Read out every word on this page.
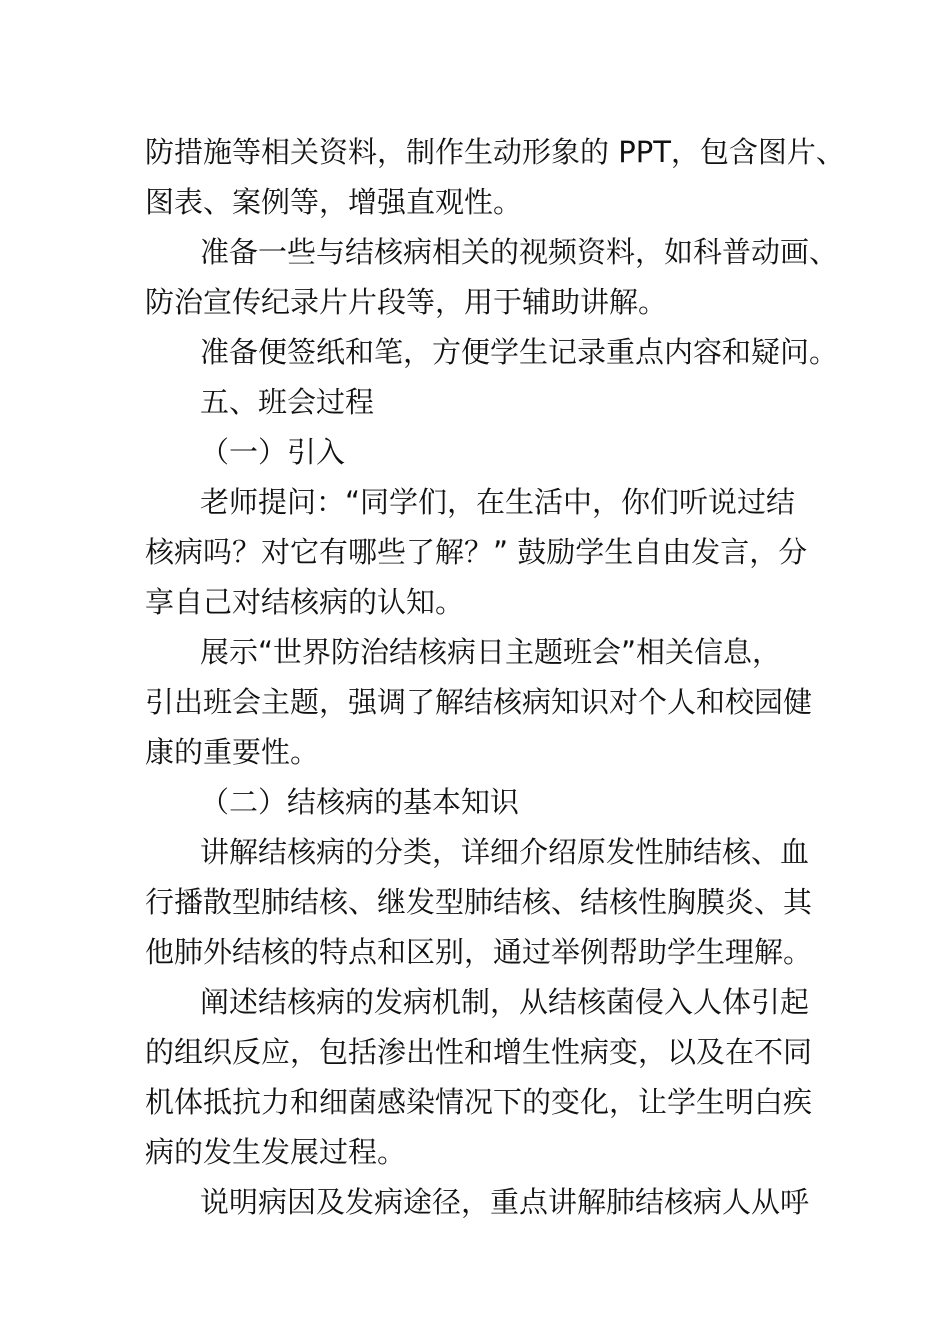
防措施等相关资料，制作生动形象的 PPT，包含图片、
图表、案例等，增强直观性。
准备一些与结核病相关的视频资料，如科普动画、
防治宣传纪录片片段等，用于辅助讲解。
准备便签纸和笔，方便学生记录重点内容和疑问。
五、班会过程
（一）引入
老师提问：“同学们，在生活中，你们听说过结
核病吗？对它有哪些了解？” 鼓励学生自由发言，分
享自己对结核病的认知。
展示“世界防治结核病日主题班会”相关信息，
引出班会主题，强调了解结核病知识对个人和校园健
康的重要性。
（二）结核病的基本知识
讲解结核病的分类，详细介绍原发性肺结核、血
行播散型肺结核、继发型肺结核、结核性胸膜炎、其
他肺外结核的特点和区别，通过举例帮助学生理解。
阐述结核病的发病机制，从结核菌侵入人体引起
的组织反应，包括渗出性和增生性病变，以及在不同
机体抵抗力和细菌感染情况下的变化，让学生明白疾
病的发生发展过程。
说明病因及发病途径，重点讲解肺结核病人从呼
